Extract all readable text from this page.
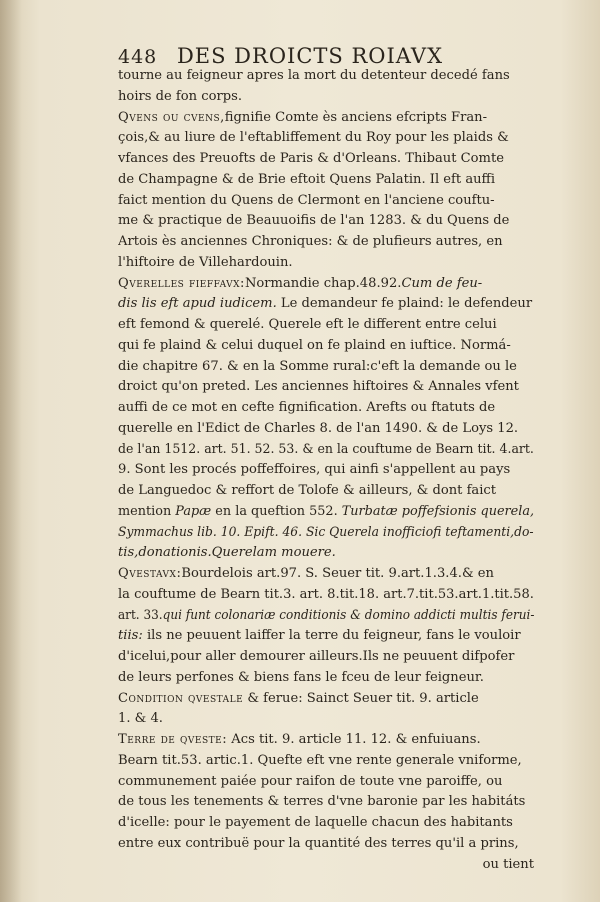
448 DES DROICTS ROIAVX
tourne au feigneur apres la mort du detenteur decedé fans
hoirs de fon corps.
Qvens ou cvens,fignifie Comte ès anciens efcripts Fran-
çois,& au liure de l'eftabliffement du Roy pour les plaids &
vfances des Preuofts de Paris & d'Orleans. Thibaut Comte
de Champagne & de Brie eftoit Quens Palatin. Il eft auffi
faict mention du Quens de Clermont en l'anciene couftu-
me & practique de Beauuoifis de l'an 1283. & du Quens de
Artois ès anciennes Chroniques: & de plufieurs autres, en
l'hiftoire de Villehardouin.
Qverelles fieffavx:Normandie chap.48.92.Cum de feu-
dis lis eft apud iudicem. Le demandeur fe plaind: le defendeur
eft femond & querelé. Querele eft le different entre celui
qui fe plaind & celui duquel on fe plaind en iuftice. Normá-
die chapitre 67. & en la Somme rural:c'eft la demande ou le
droict qu'on preted. Les anciennes hiftoires & Annales vfent
auffi de ce mot en cefte fignification. Arefts ou ftatuts de
querelle en l'Edict de Charles 8. de l'an 1490. & de Loys 12.
de l'an 1512. art. 51. 52. 53. & en la couftume de Bearn tit. 4.art.
9. Sont les procés poffeffoires, qui ainfi s'appellent au pays
de Languedoc & reffort de Tolofe & ailleurs, & dont faict
mention Papæ en la queftion 552. Turbatæ poffefsionis querela,
Symmachus lib. 10. Epift. 46. Sic Querela inofficiofi teftamenti,do-
tis,donationis.Querelam mouere.
Qvestavx:Bourdelois art.97. S. Seuer tit. 9.art.1.3.4.& en
la couftume de Bearn tit.3. art. 8.tit.18. art.7.tit.53.art.1.tit.58.
art. 33.qui funt colonariæ conditionis & domino addicti multis ferui-
tiis: ils ne peuuent laiffer la terre du feigneur, fans le vouloir
d'icelui,pour aller demourer ailleurs.Ils ne peuuent difpofer
de leurs perfones & biens fans le fceu de leur feigneur.
Condition qvestale & ferue: Sainct Seuer tit. 9. article
1. & 4.
Terre de qveste: Acs tit. 9. article 11. 12. & enfuiuans.
Bearn tit.53. artic.1. Quefte eft vne rente generale vniforme,
communement paiée pour raifon de toute vne paroiffe, ou
de tous les tenements & terres d'vne baronie par les habitáts
d'icelle: pour le payement de laquelle chacun des habitants
entre eux contribuë pour la quantité des terres qu'il a prins,
ou tient
